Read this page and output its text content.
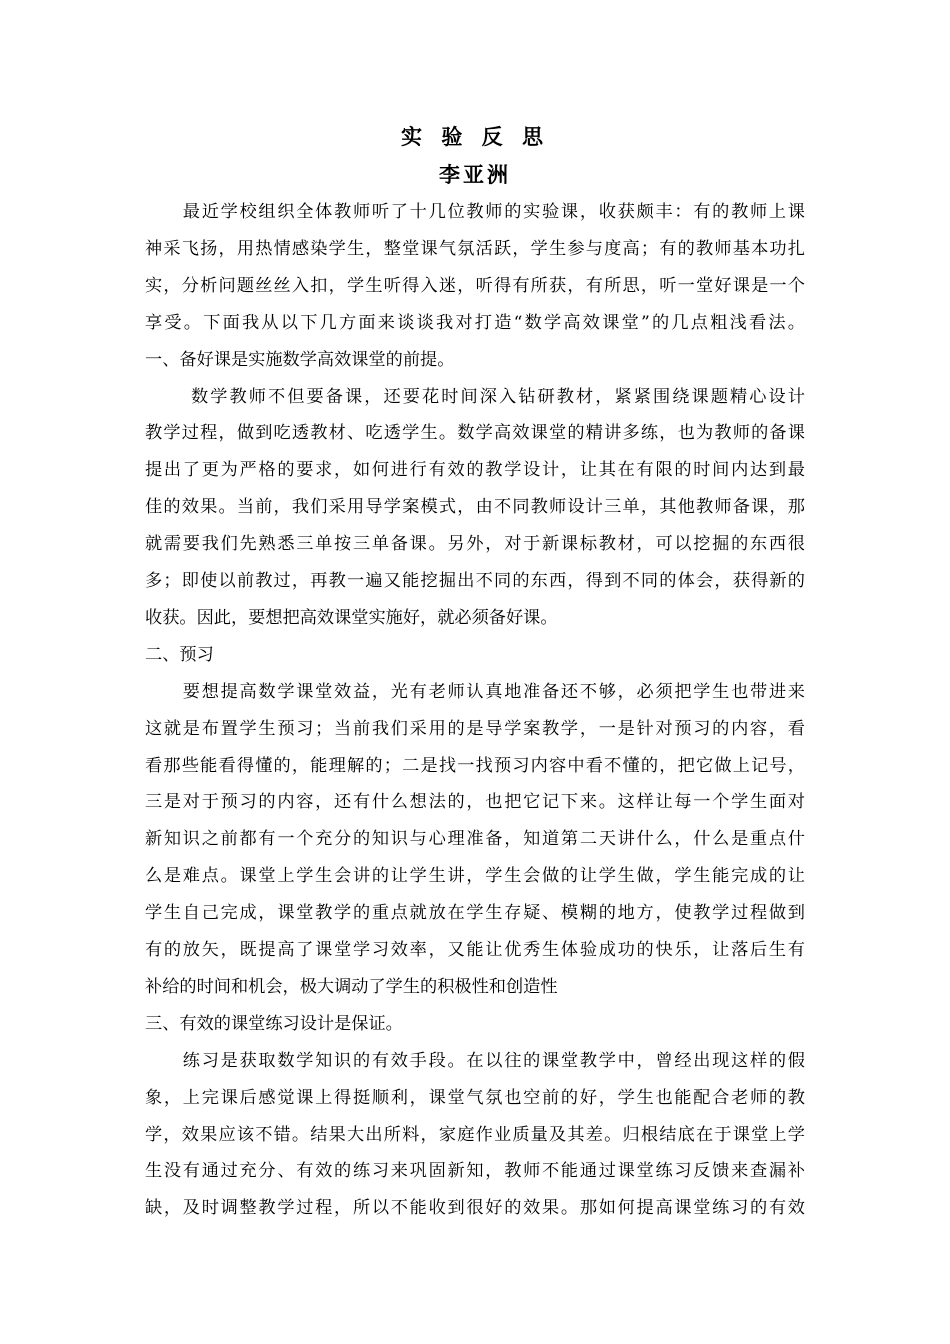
实 验 反 思
李亚洲
　　最近学校组织全体教师听了十几位教师的实验课，收获颇丰：有的教师上课
神采飞扬，用热情感染学生，整堂课气氛活跃，学生参与度高；有的教师基本功扎
实，分析问题丝丝入扣，学生听得入迷，听得有所获，有所思，听一堂好课是一个
享受。下面我从以下几方面来谈谈我对打造“数学高效课堂”的几点粗浅看法。
一、备好课是实施数学高效课堂的前提。
　　 数学教师不但要备课，还要花时间深入钻研教材，紧紧围绕课题精心设计
教学过程，做到吃透教材、吃透学生。数学高效课堂的精讲多练，也为教师的备课
提出了更为严格的要求，如何进行有效的教学设计，让其在有限的时间内达到最
佳的效果。当前，我们采用导学案模式，由不同教师设计三单，其他教师备课，那
就需要我们先熟悉三单按三单备课。另外，对于新课标教材，可以挖掘的东西很
多；即使以前教过，再教一遍又能挖掘出不同的东西，得到不同的体会，获得新的
收获。因此，要想把高效课堂实施好，就必须备好课。
二、预习
　　要想提高数学课堂效益，光有老师认真地准备还不够，必须把学生也带进来
这就是布置学生预习；当前我们采用的是导学案教学，一是针对预习的内容，看
看那些能看得懂的，能理解的；二是找一找预习内容中看不懂的，把它做上记号，
三是对于预习的内容，还有什么想法的，也把它记下来。这样让每一个学生面对
新知识之前都有一个充分的知识与心理准备，知道第二天讲什么，什么是重点什
么是难点。课堂上学生会讲的让学生讲，学生会做的让学生做，学生能完成的让
学生自己完成，课堂教学的重点就放在学生存疑、模糊的地方，使教学过程做到
有的放矢，既提高了课堂学习效率，又能让优秀生体验成功的快乐，让落后生有
补给的时间和机会，极大调动了学生的积极性和创造性
三、有效的课堂练习设计是保证。
　　练习是获取数学知识的有效手段。在以往的课堂教学中，曾经出现这样的假
象，上完课后感觉课上得挺顺利，课堂气氛也空前的好，学生也能配合老师的教
学，效果应该不错。结果大出所料，家庭作业质量及其差。归根结底在于课堂上学
生没有通过充分、有效的练习来巩固新知，教师不能通过课堂练习反馈来查漏补
缺，及时调整教学过程，所以不能收到很好的效果。那如何提高课堂练习的有效
